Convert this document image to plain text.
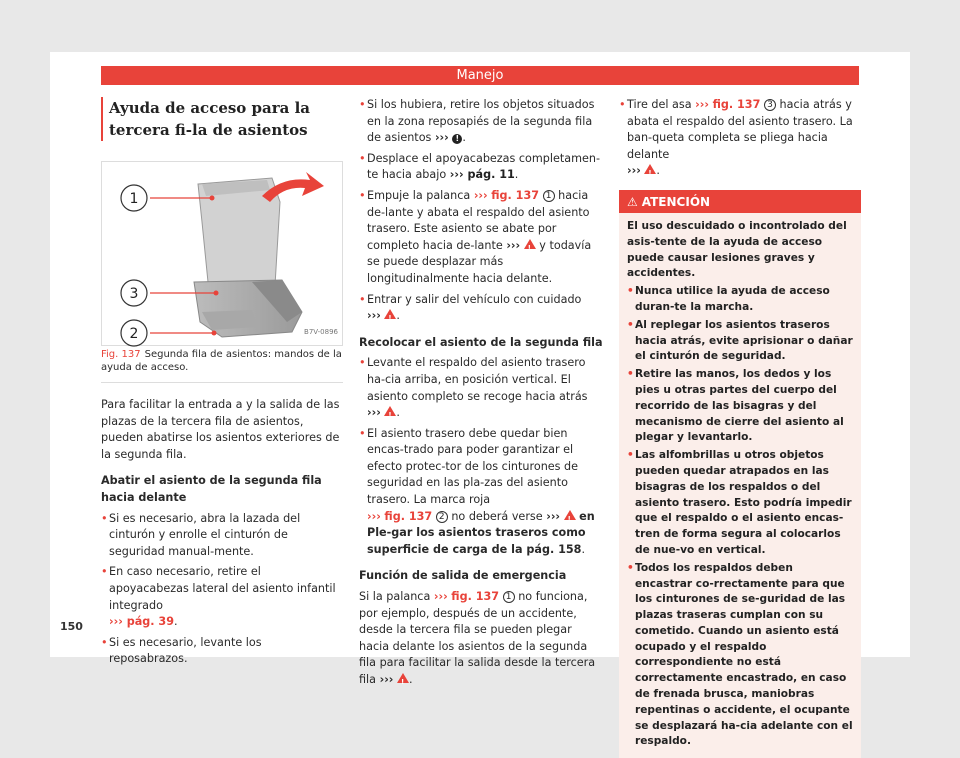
Manejo
Ayuda de acceso para la tercera fi-la de asientos
1
3
2	B7V-0896
Fig. 137 Segunda fila de asientos: mandos de la ayuda de acceso.

Para facilitar la entrada a y la salida de las plazas de la tercera fila de asientos, pueden abatirse los asientos exteriores de la segunda fila.

Abatir el asiento de la segunda fila hacia delante

• Si es necesario, abra la lazada del cinturón y enrolle el cinturón de seguridad manual-mente.

• En caso necesario, retire el apoyacabezas lateral del asiento infantil integrado
››› pág. 39.

• Si es necesario, levante los reposabrazos.

• Si los hubiera, retire los objetos situados en la zona reposapiés de la segunda fila de asientos ››› ! .

• Desplace el apoyacabezas completamen-te hacia abajo ››› pág. 11.

• Empuje la palanca ››› fig. 137 1 hacia de-lante y abata el respaldo del asiento trasero. Este asiento se abate por completo hacia de-lante ››› ! y todavía se puede desplazar más longitudinalmente hacia delante.

• Entrar y salir del vehículo con cuidado
››› ! .

Recolocar el asiento de la segunda fila

• Levante el respaldo del asiento trasero ha-cia arriba, en posición vertical. El asiento completo se recoge hacia atrás ››› ! .

• El asiento trasero debe quedar bien encas-trado para poder garantizar el efecto protec-tor de los cinturones de seguridad en las pla-zas del asiento trasero. La marca roja
››› fig. 137 2 no deberá verse ››› ! en Ple-gar los asientos traseros como superficie de carga de la pág. 158.

Función de salida de emergencia

Si la palanca ››› fig. 137 1 no funciona, por ejemplo, después de un accidente, desde la tercera fila se pueden plegar hacia delante los asientos de la segunda fila para facilitar la salida desde la tercera fila ››› ! .

• Tire del asa ››› fig. 137 3 hacia atrás y abata el respaldo del asiento trasero. La ban-queta completa se pliega hacia delante
››› ! .

⚠ ATENCIÓN

El uso descuidado o incontrolado del asis-tente de la ayuda de acceso puede causar lesiones graves y accidentes.

• Nunca utilice la ayuda de acceso duran-te la marcha.

• Al replegar los asientos traseros hacia atrás, evite aprisionar o dañar el cinturón de seguridad.

• Retire las manos, los dedos y los pies u otras partes del cuerpo del recorrido de las bisagras y del mecanismo de cierre del asiento al plegar y levantarlo.

• Las alfombrillas u otros objetos pueden quedar atrapados en las bisagras de los respaldos o del asiento trasero. Esto podría impedir que el respaldo o el asiento encas-tren de forma segura al colocarlos de nue-vo en vertical.

• Todos los respaldos deben encastrar co-rrectamente para que los cinturones de se-guridad de las plazas traseras cumplan con su cometido. Cuando un asiento está ocupado y el respaldo correspondiente no está correctamente encastrado, en caso de frenada brusca, maniobras repentinas o accidente, el ocupante se desplazará ha-cia adelante con el respaldo.

150
